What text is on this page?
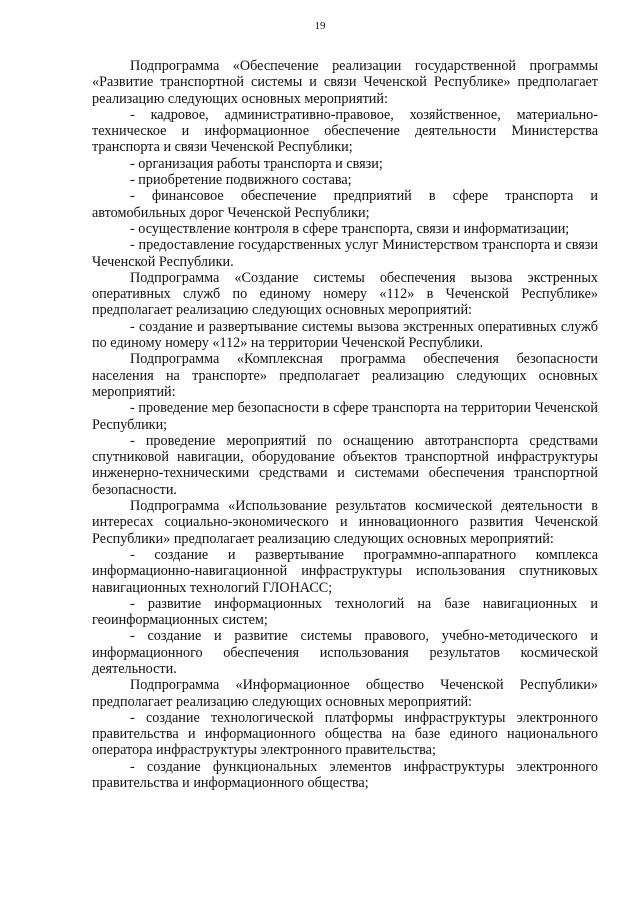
19

Подпрограмма «Обеспечение реализации государственной программы «Развитие транспортной системы и связи Чеченской Республике» предполагает реализацию следующих основных мероприятий:

- кадровое, административно-правовое, хозяйственное, материально-техническое и информационное обеспечение деятельности Министерства транспорта и связи Чеченской Республики;

- организация работы транспорта и связи;

- приобретение подвижного состава;

- финансовое обеспечение предприятий в сфере транспорта и автомобильных дорог Чеченской Республики;

- осуществление контроля в сфере транспорта, связи и информатизации;

- предоставление государственных услуг Министерством транспорта и связи Чеченской Республики.

Подпрограмма «Создание системы обеспечения вызова экстренных оперативных служб по единому номеру «112» в Чеченской Республике» предполагает реализацию следующих основных мероприятий:

- создание и развертывание системы вызова экстренных оперативных служб по единому номеру «112» на территории Чеченской Республики.

Подпрограмма «Комплексная программа обеспечения безопасности населения на транспорте» предполагает реализацию следующих основных мероприятий:

- проведение мер безопасности в сфере транспорта на территории Чеченской Республики;

- проведение мероприятий по оснащению автотранспорта средствами спутниковой навигации, оборудование объектов транспортной инфраструктуры инженерно-техническими средствами и системами обеспечения транспортной безопасности.

Подпрограмма «Использование результатов космической деятельности в интересах социально-экономического и инновационного развития Чеченской Республики» предполагает реализацию следующих основных мероприятий:

- создание и развертывание программно-аппаратного комплекса информационно-навигационной инфраструктуры использования спутниковых навигационных технологий ГЛОНАСС;

- развитие информационных технологий на базе навигационных и геоинформационных систем;

- создание и развитие системы правового, учебно-методического и информационного обеспечения использования результатов космической деятельности.

Подпрограмма «Информационное общество Чеченской Республики» предполагает реализацию следующих основных мероприятий:

- создание технологической платформы инфраструктуры электронного правительства и информационного общества на базе единого национального оператора инфраструктуры электронного правительства;

- создание функциональных элементов инфраструктуры электронного правительства и информационного общества;
